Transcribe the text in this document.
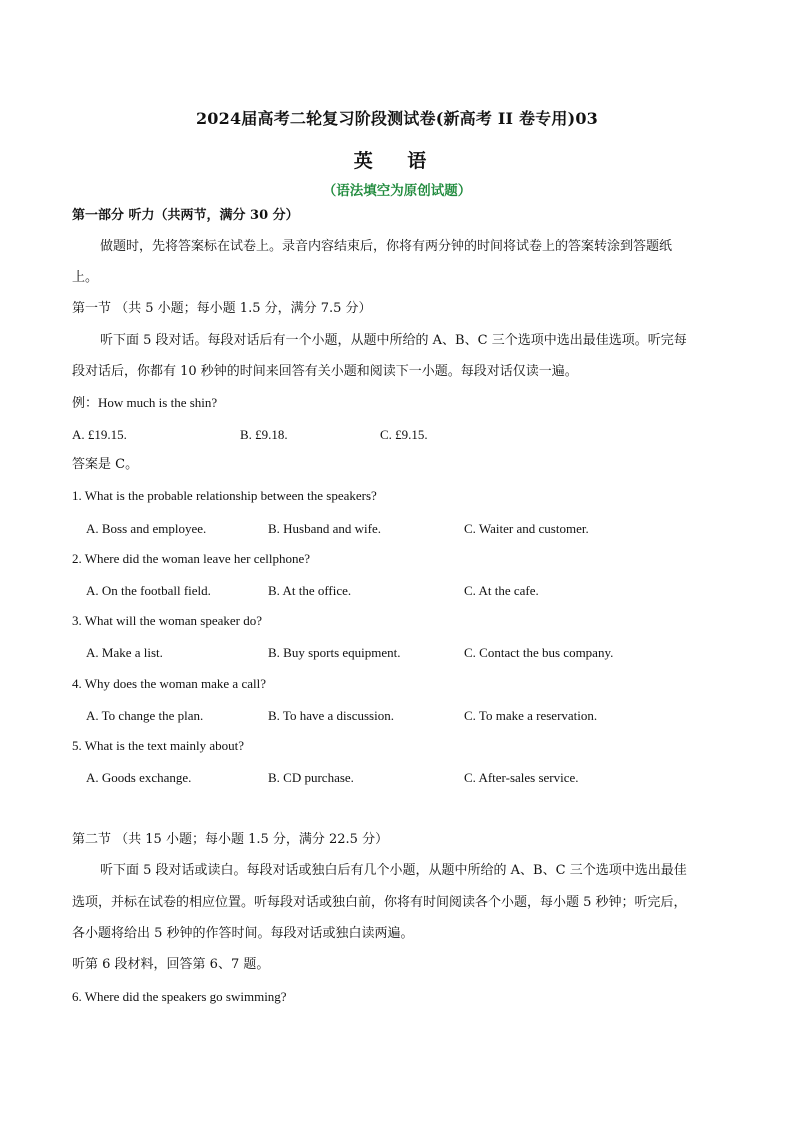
2024届高考二轮复习阶段测试卷(新高考 II 卷专用)03
英 语
（语法填空为原创试题）
第一部分 听力（共两节，满分 30 分）
做题时，先将答案标在试卷上。录音内容结束后，你将有两分钟的时间将试卷上的答案转涂到答题纸
上。
第一节 （共 5 小题；每小题 1.5 分，满分 7.5 分）
听下面 5 段对话。每段对话后有一个小题，从题中所给的 A、B、C 三个选项中选出最佳选项。听完每
段对话后，你都有 10 秒钟的时间来回答有关小题和阅读下一小题。每段对话仅读一遍。
例：How much is the shin?
A. £19.15.	B. £9.18.	C. £9.15.
答案是 C。
1. What is the probable relationship between the speakers?
A. Boss and employee.	B. Husband and wife.	C. Waiter and customer.
2. Where did the woman leave her cellphone?
A. On the football field.	B. At the office.	C. At the cafe.
3. What will the woman speaker do?
A. Make a list.	B. Buy sports equipment.	C. Contact the bus company.
4. Why does the woman make a call?
A. To change the plan.	B. To have a discussion.	C. To make a reservation.
5. What is the text mainly about?
A. Goods exchange.	B. CD purchase.	C. After-sales service.
第二节 （共 15 小题；每小题 1.5 分，满分 22.5 分）
听下面 5 段对话或读白。每段对话或独白后有几个小题，从题中所给的 A、B、C 三个选项中选出最佳
选项，并标在试卷的相应位置。听每段对话或独白前，你将有时间阅读各个小题，每小题 5 秒钟；听完后，
各小题将给出 5 秒钟的作答时间。每段对话或独白读两遍。
听第 6 段材料，回答第 6、7 题。
6. Where did the speakers go swimming?
